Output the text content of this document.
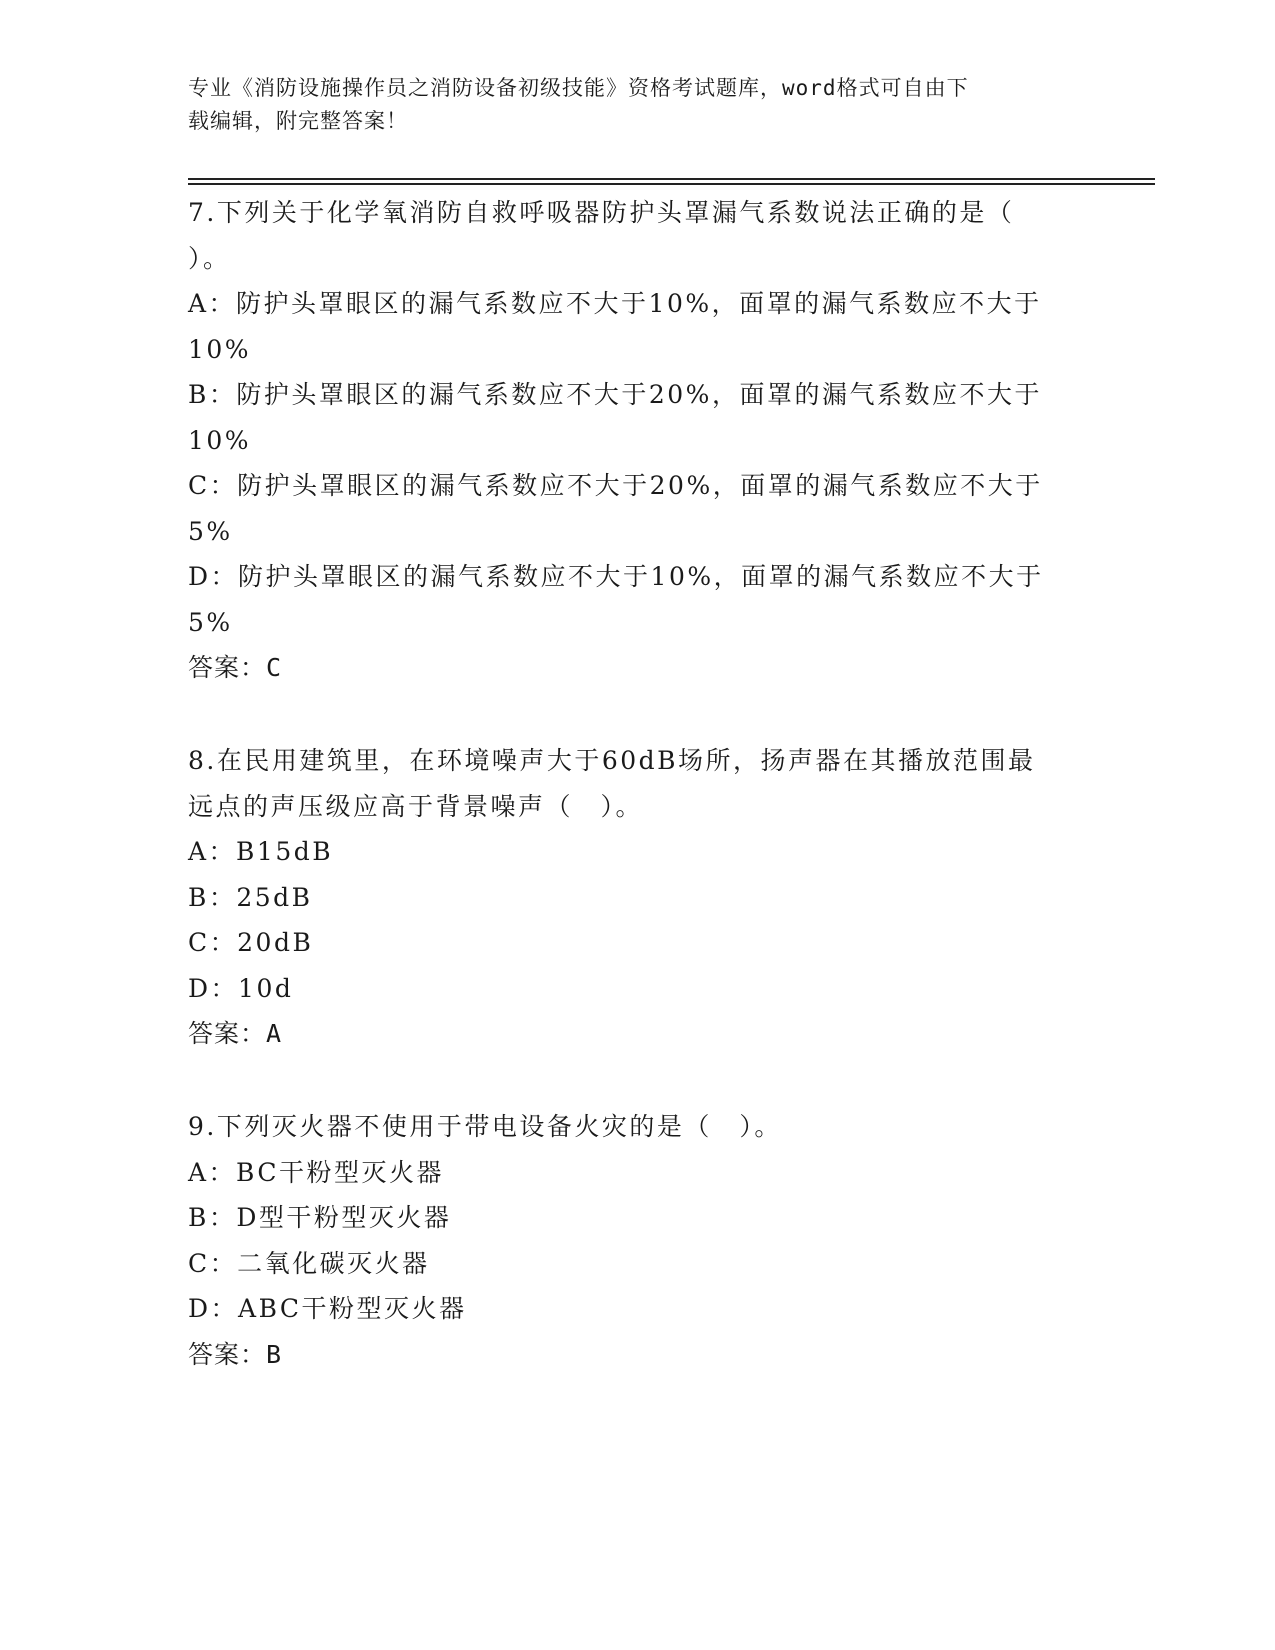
专业《消防设施操作员之消防设备初级技能》资格考试题库，word格式可自由下
载编辑，附完整答案！
7.下列关于化学氧消防自救呼吸器防护头罩漏气系数说法正确的是（
）。
A：防护头罩眼区的漏气系数应不大于10%，面罩的漏气系数应不大于
10%
B：防护头罩眼区的漏气系数应不大于20%，面罩的漏气系数应不大于
10%
C：防护头罩眼区的漏气系数应不大于20%，面罩的漏气系数应不大于
5%
D：防护头罩眼区的漏气系数应不大于10%，面罩的漏气系数应不大于
5%
答案：C
8.在民用建筑里，在环境噪声大于60dB场所，扬声器在其播放范围最
远点的声压级应高于背景噪声（　）。
A：B15dB
B：25dB
C：20dB
D：10d
答案：A
9.下列灭火器不使用于带电设备火灾的是（　）。
A：BC干粉型灭火器
B：D型干粉型灭火器
C：二氧化碳灭火器
D：ABC干粉型灭火器
答案：B
